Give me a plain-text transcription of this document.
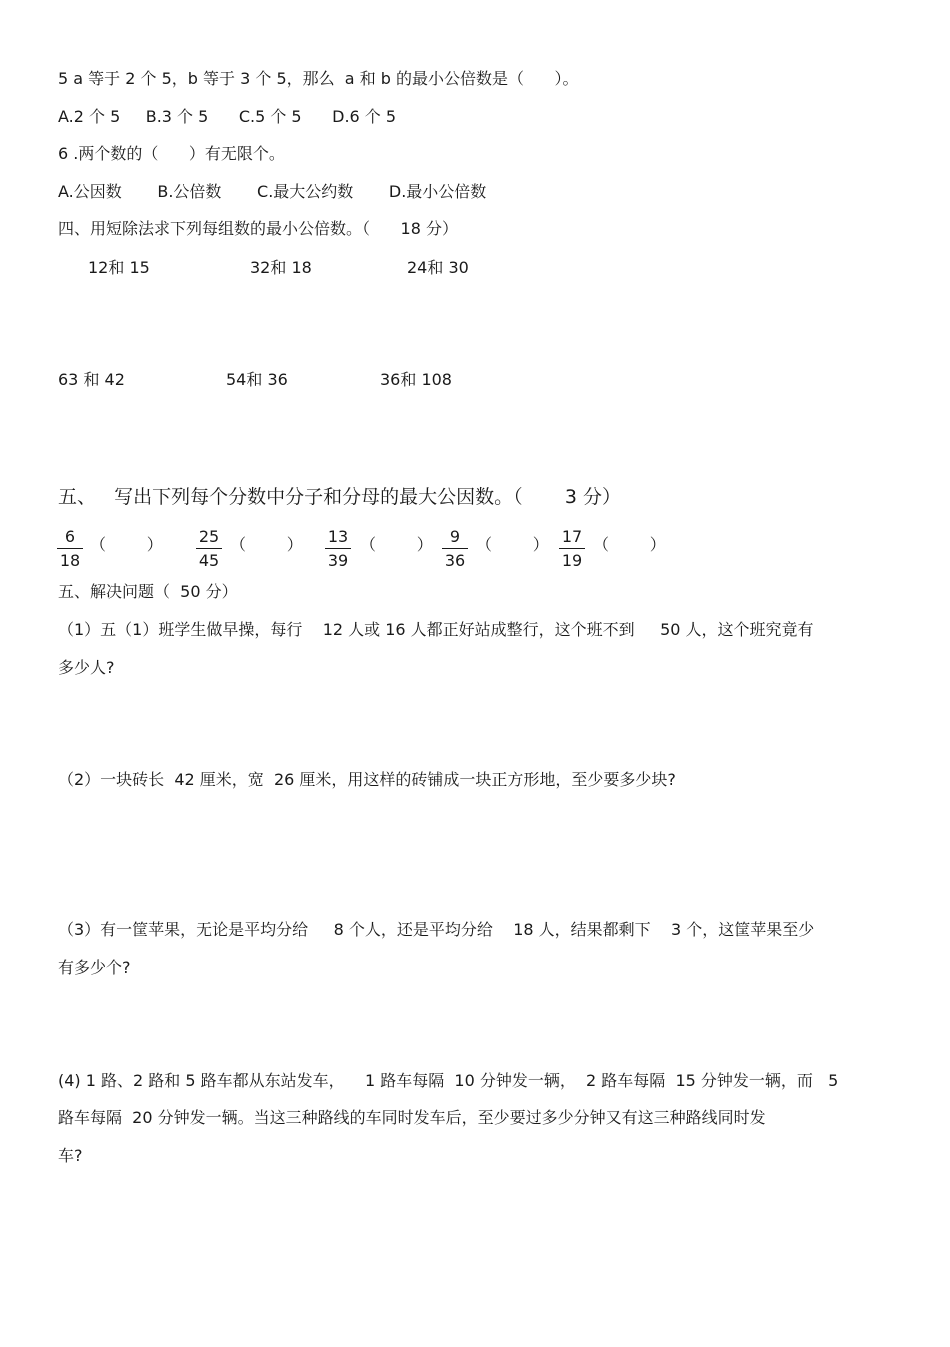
5 a 等于 2 个 5，b 等于 3 个 5，那么  a 和 b 的最小公倍数是（      ）。
A.2 个 5     B.3 个 5      C.5 个 5      D.6 个 5
6 .两个数的（      ）有无限个。
A.公因数       B.公倍数       C.最大公约数       D.最小公倍数
四、用短除法求下列每组数的最小公倍数。（      18 分）
12和 15	32和 18	24和 30
63 和 42	54和 36	36和 108
五、   写出下列每个分数中分子和分母的最大公因数。（       3 分）
6
18
（        ）	25
45
（        ）	13
39
（        ）	9
36
（        ） 17
19
（        ）
五、解决问题（  50 分）
（1）五（1）班学生做早操，每行    12 人或 16 人都正好站成整行，这个班不到     50 人，这个班究竟有
多少人?
（2）一块砖长  42 厘米，宽  26 厘米，用这样的砖铺成一块正方形地，至少要多少块?
（3）有一筐苹果，无论是平均分给     8 个人，还是平均分给    18 人，结果都剩下    3 个，这筐苹果至少
有多少个?
(4) 1 路、2 路和 5 路车都从东站发车，    1 路车每隔  10 分钟发一辆，  2 路车每隔  15 分钟发一辆，而   5
路车每隔  20 分钟发一辆。当这三种路线的车同时发车后，至少要过多少分钟又有这三种路线同时发
车?
